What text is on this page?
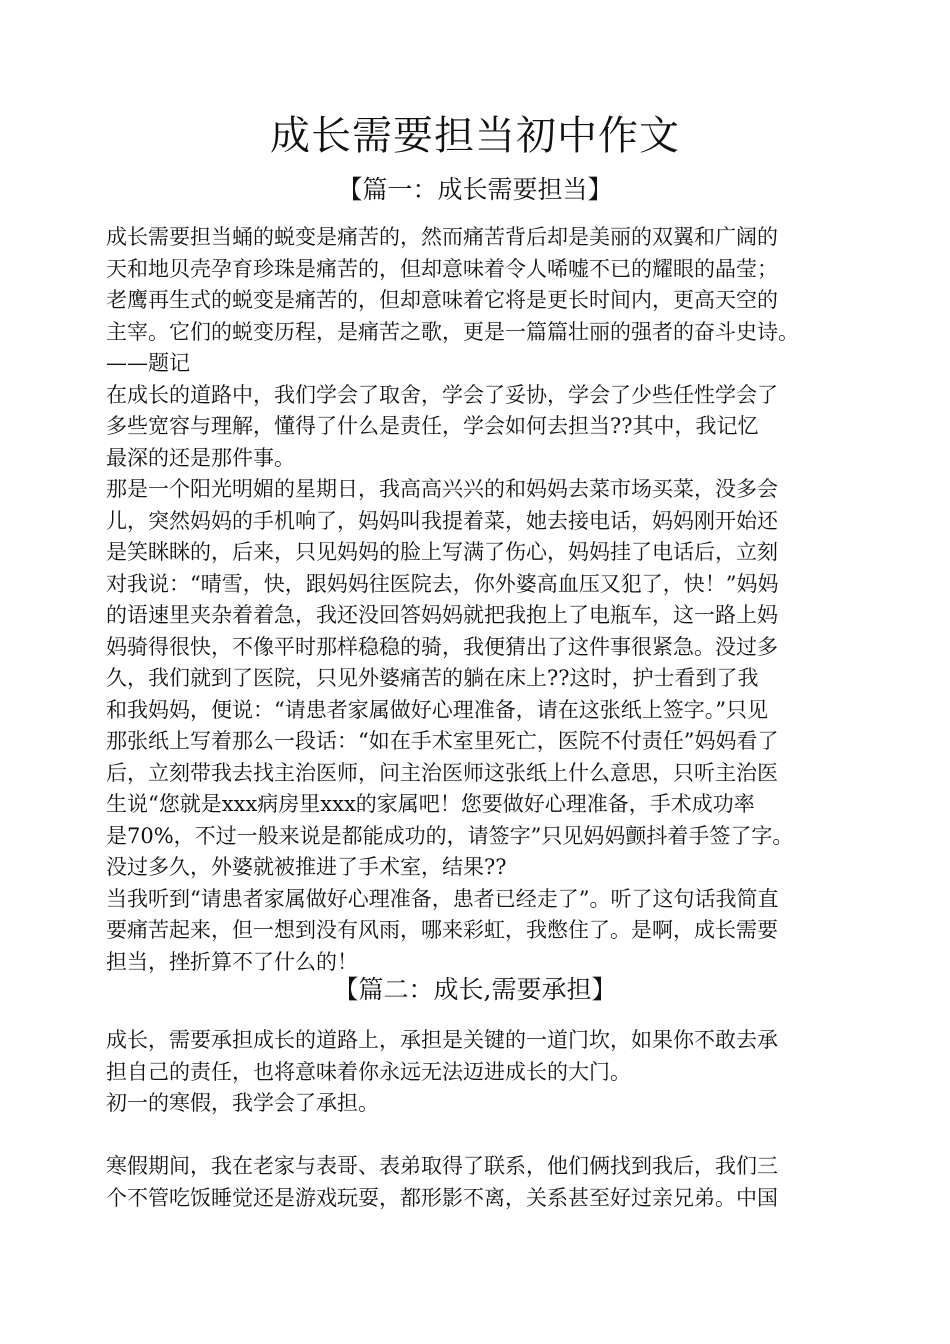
成长需要担当初中作文
【篇一：成长需要担当】
成长需要担当蛹的蜕变是痛苦的，然而痛苦背后却是美丽的双翼和广阔的
天和地贝壳孕育珍珠是痛苦的，但却意味着令人唏嘘不已的耀眼的晶莹；
老鹰再生式的蜕变是痛苦的，但却意味着它将是更长时间内，更高天空的
主宰。它们的蜕变历程，是痛苦之歌，更是一篇篇壮丽的强者的奋斗史诗。
——题记
在成长的道路中，我们学会了取舍，学会了妥协，学会了少些任性学会了
多些宽容与理解，懂得了什么是责任，学会如何去担当??其中，我记忆
最深的还是那件事。
那是一个阳光明媚的星期日，我高高兴兴的和妈妈去菜市场买菜，没多会
儿，突然妈妈的手机响了，妈妈叫我提着菜，她去接电话，妈妈刚开始还
是笑眯眯的，后来，只见妈妈的脸上写满了伤心，妈妈挂了电话后，立刻
对我说：“晴雪，快，跟妈妈往医院去，你外婆高血压又犯了，快！”妈妈
的语速里夹杂着着急，我还没回答妈妈就把我抱上了电瓶车，这一路上妈
妈骑得很快，不像平时那样稳稳的骑，我便猜出了这件事很紧急。没过多
久，我们就到了医院，只见外婆痛苦的躺在床上??这时，护士看到了我
和我妈妈，便说：“请患者家属做好心理准备，请在这张纸上签字。”只见
那张纸上写着那么一段话：“如在手术室里死亡，医院不付责任”妈妈看了
后，立刻带我去找主治医师，问主治医师这张纸上什么意思，只听主治医
生说“您就是xxx病房里xxx的家属吧！您要做好心理准备，手术成功率
是70%，不过一般来说是都能成功的，请签字”只见妈妈颤抖着手签了字。
没过多久，外婆就被推进了手术室，结果??
当我听到“请患者家属做好心理准备，患者已经走了”。听了这句话我简直
要痛苦起来，但一想到没有风雨，哪来彩虹，我憋住了。是啊，成长需要
担当，挫折算不了什么的！
【篇二：成长,需要承担】
成长，需要承担成长的道路上，承担是关键的一道门坎，如果你不敢去承
担自己的责任，也将意味着你永远无法迈进成长的大门。
初一的寒假，我学会了承担。
寒假期间，我在老家与表哥、表弟取得了联系，他们俩找到我后，我们三
个不管吃饭睡觉还是游戏玩耍，都形影不离，关系甚至好过亲兄弟。中国
